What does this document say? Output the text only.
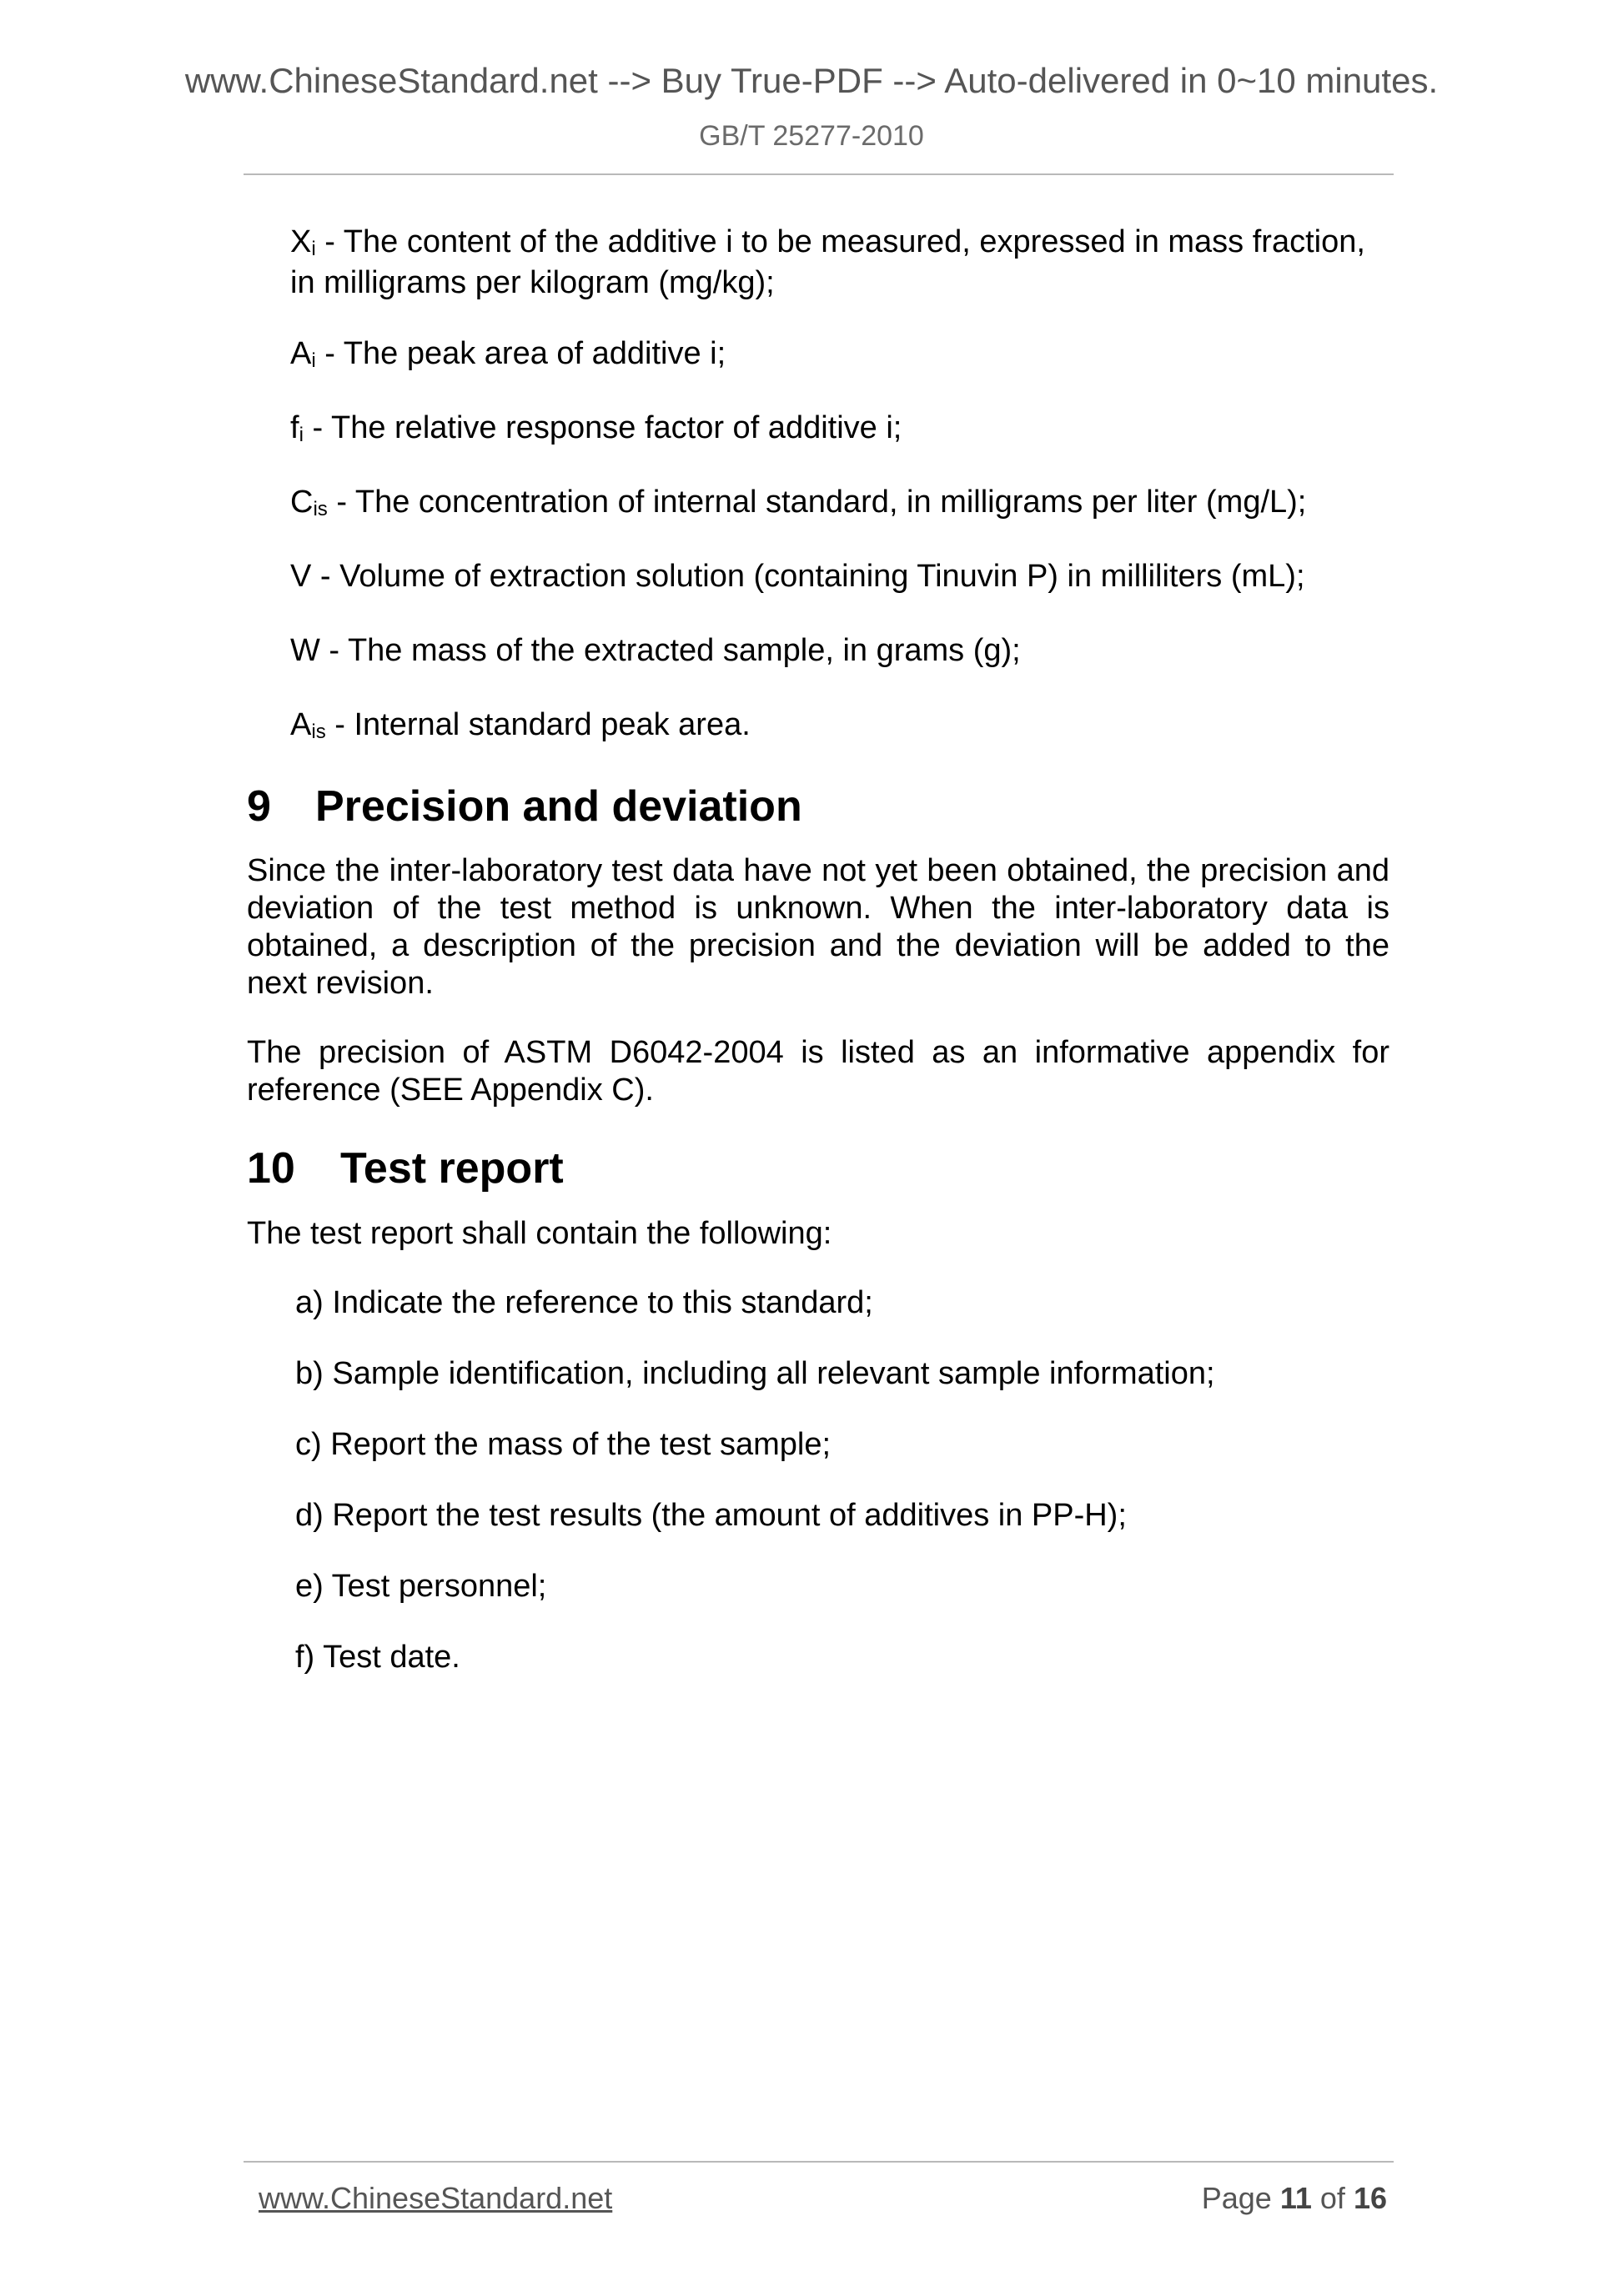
www.ChineseStandard.net --> Buy True-PDF --> Auto-delivered in 0~10 minutes.
GB/T 25277-2010

$X_i$ - The content of the additive i to be measured, expressed in mass fraction, in milligrams per kilogram (mg/kg);

$A_i$ - The peak area of additive i;

$f_i$ - The relative response factor of additive i;

$C_{is}$ - The concentration of internal standard, in milligrams per liter (mg/L);

V - Volume of extraction solution (containing Tinuvin P) in milliliters (mL);

W - The mass of the extracted sample, in grams (g);

$A_{is}$ - Internal standard peak area.

9	Precision and deviation

Since the inter-laboratory test data have not yet been obtained, the precision and deviation of the test method is unknown. When the inter-laboratory data is obtained, a description of the precision and the deviation will be added to the next revision.

The precision of ASTM D6042-2004 is listed as an informative appendix for reference (SEE Appendix C).

10	Test report

The test report shall contain the following:

a) Indicate the reference to this standard;

b) Sample identification, including all relevant sample information;

c) Report the mass of the test sample;

d) Report the test results (the amount of additives in PP-H);

e) Test personnel;

f) Test date.

www.ChineseStandard.net	Page 11 of 16
